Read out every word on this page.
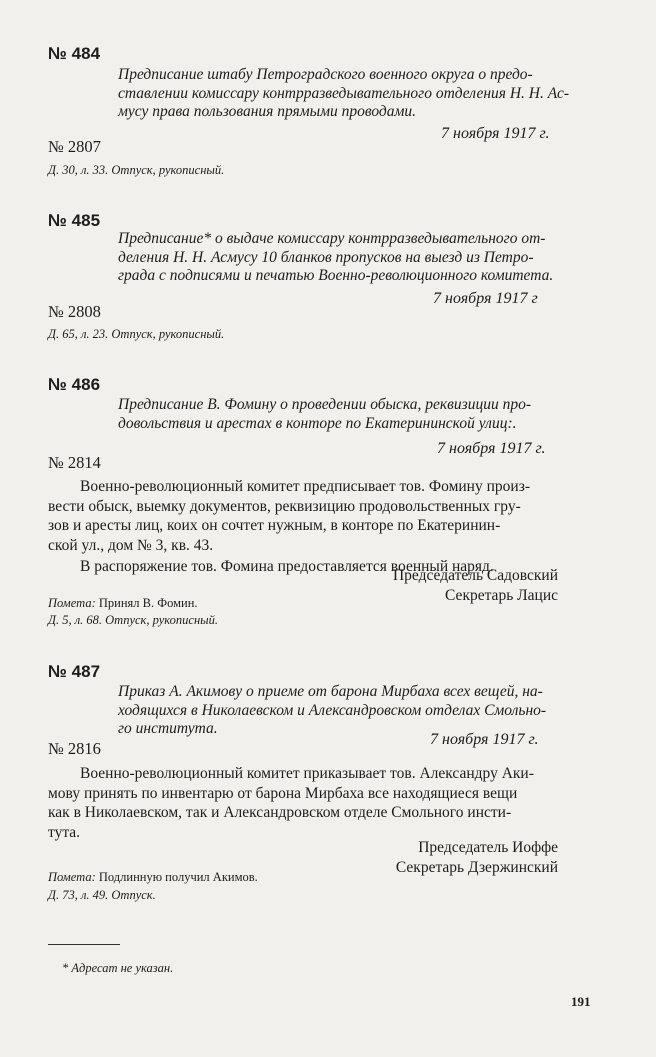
№ 484
Предписание штабу Петроградского военного округа о предо-
ставлении комиссару контрразведывательного отделения Н. Н. Ас-
мусу права пользования прямыми проводами.
7 ноября 1917 г.
№ 2807
Д. 30, л. 33. Отпуск, рукописный.
№ 485
Предписание* о выдаче комиссару контрразведывательного от-
деления Н. Н. Асмусу 10 бланков пропусков на выезд из Петро-
града с подписями и печатью Военно-революционного комитета.
7 ноября 1917 г
№ 2808
Д. 65, л. 23. Отпуск, рукописный.
№ 486
Предписание В. Фомину о проведении обыска, реквизиции про-
довольствия и арестах в конторе по Екатерининской улиц:.
7 ноября 1917 г.
№ 2814
Военно-революционный комитет предписывает тов. Фомину произ-
вести обыск, выемку документов, реквизицию продовольственных гру-
зов и аресты лиц, коих он сочтет нужным, в конторе по Екатеринин-
ской ул., дом № 3, кв. 43.
В распоряжение тов. Фомина предоставляется военный наряд.
Председатель Садовский
Секретарь Лацис
Помета: Принял В. Фомин.
Д. 5, л. 68. Отпуск, рукописный.
№ 487
Приказ А. Акимову о приеме от барона Мирбаха всех вещей, на-
ходящихся в Николаевском и Александровском отделах Смольно-
го института.
7 ноября 1917 г.
№ 2816
Военно-революционный комитет приказывает тов. Александру Аки-
мову принять по инвентарю от барона Мирбаха все находящиеся вещи
как в Николаевском, так и Александровском отделе Смольного инсти-
тута.
Председатель Иоффе
Секретарь Дзержинский
Помета: Подлинную получил Акимов.
Д. 73, л. 49. Отпуск.
* Адресат не указан.
191
